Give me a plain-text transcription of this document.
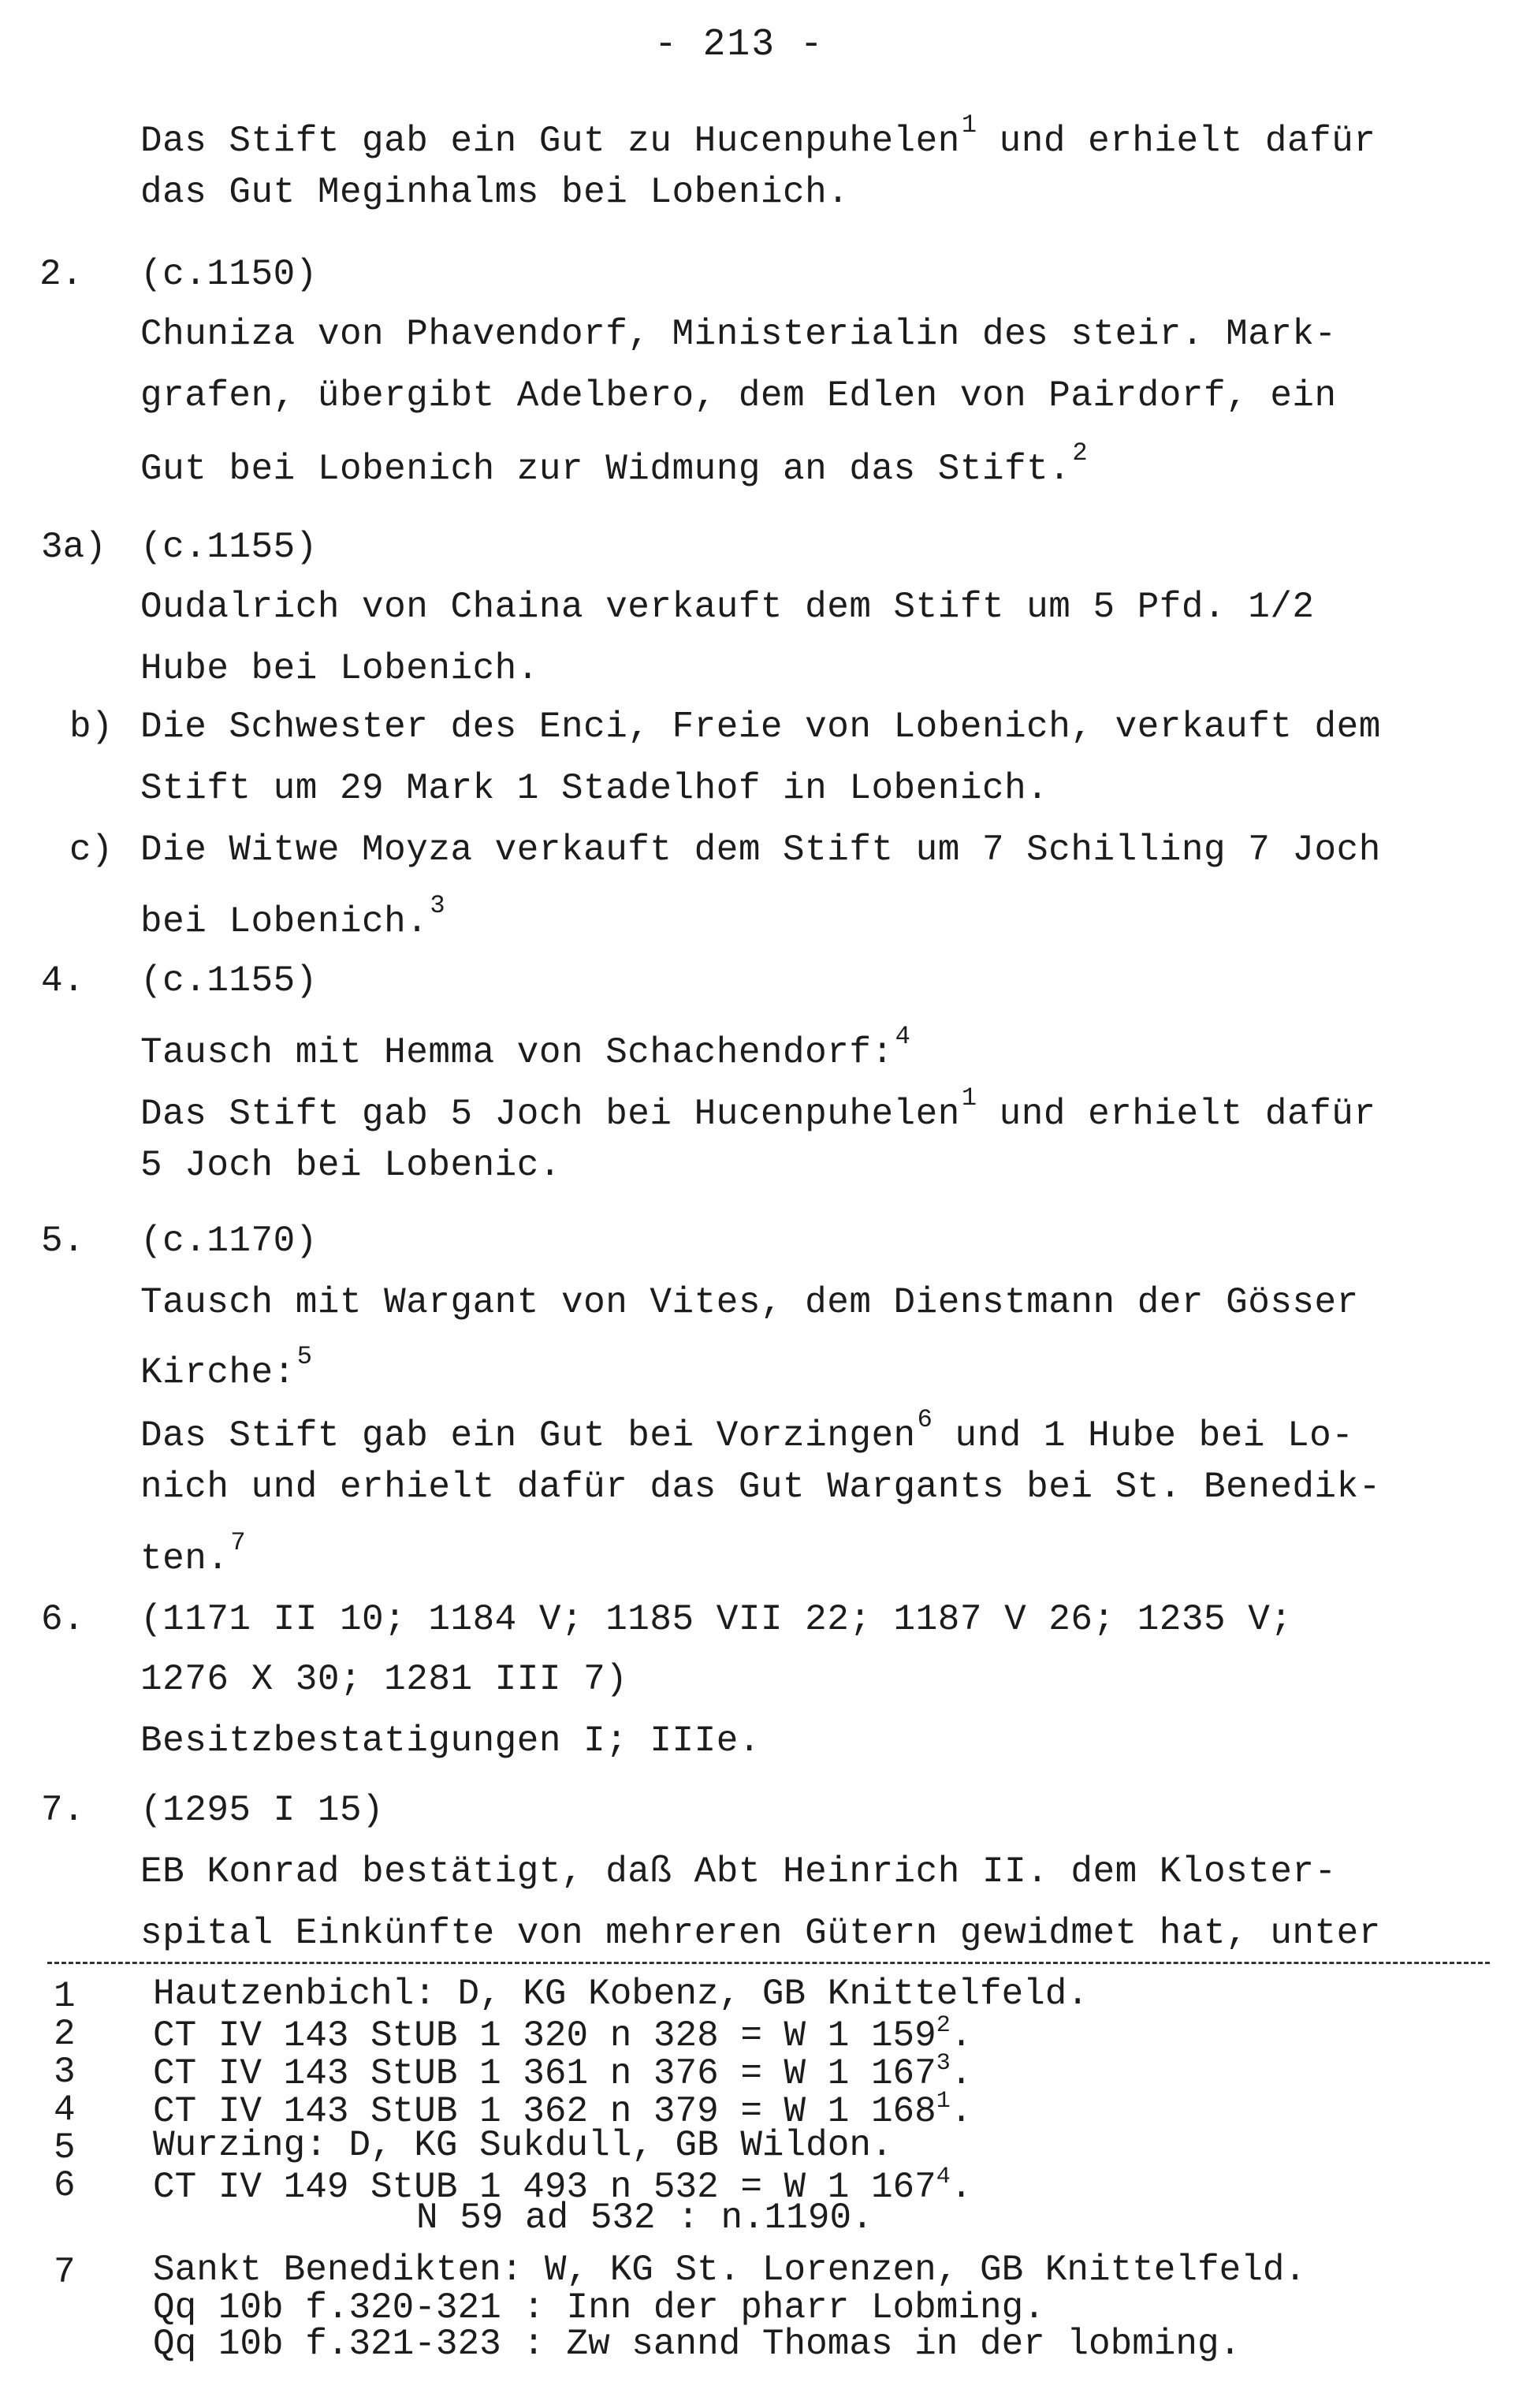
- 213 -
Das Stift gab ein Gut zu Hucenpuhelen$^1$ und erhielt dafür
das Gut Meginhalms bei Lobenich.
2. (c.1150)
Chuniza von Phavendorf, Ministerialin des steir. Mark-
grafen, übergibt Adelbero, dem Edlen von Pairdorf, ein
Gut bei Lobenich zur Widmung an das Stift.$^2$
3a) (c.1155)
Oudalrich von Chaina verkauft dem Stift um 5 Pfd. 1/2
Hube bei Lobenich.
b) Die Schwester des Enci, Freie von Lobenich, verkauft dem
Stift um 29 Mark 1 Stadelhof in Lobenich.
c) Die Witwe Moyza verkauft dem Stift um 7 Schilling 7 Joch
bei Lobenich.$^3$
4. (c.1155)
Tausch mit Hemma von Schachendorf:$^4$
Das Stift gab 5 Joch bei Hucenpuhelen$^1$ und erhielt dafür
5 Joch bei Lobenic.
5. (c.1170)
Tausch mit Wargant von Vites, dem Dienstmann der Gösser
Kirche:$^5$
Das Stift gab ein Gut bei Vorzingen$^6$ und 1 Hube bei Lo-
nich und erhielt dafür das Gut Wargants bei St. Benedik-
ten.$^7$
6. (1171 II 10; 1184 V; 1185 VII 22; 1187 V 26; 1235 V;
1276 X 30; 1281 III 7)
Besitzbestatigungen I; IIIe.
7. (1295 I 15)
EB Konrad bestätigt, daß Abt Heinrich II. dem Kloster-
spital Einkünfte von mehreren Gütern gewidmet hat, unter
1 Hautzenbichl: D, KG Kobenz, GB Knittelfeld.
2 CT IV 143 StUB 1 320 n 328 = W 1 $159^2$.
3 CT IV 143 StUB 1 361 n 376 = W 1 $167^3$.
4 CT IV 143 StUB 1 362 n 379 = W 1 $168^1$.
5 Wurzing: D, KG Sukdull, GB Wildon.
6 CT IV 149 StUB 1 493 n 532 = W 1 $167^4$.
N 59 ad 532 : n.1190.
7 Sankt Benedikten: W, KG St. Lorenzen, GB Knittelfeld.
Qq 10b f.320-321 : Inn der pharr Lobming.
Qq 10b f.321-323 : Zw sannd Thomas in der lobming.
